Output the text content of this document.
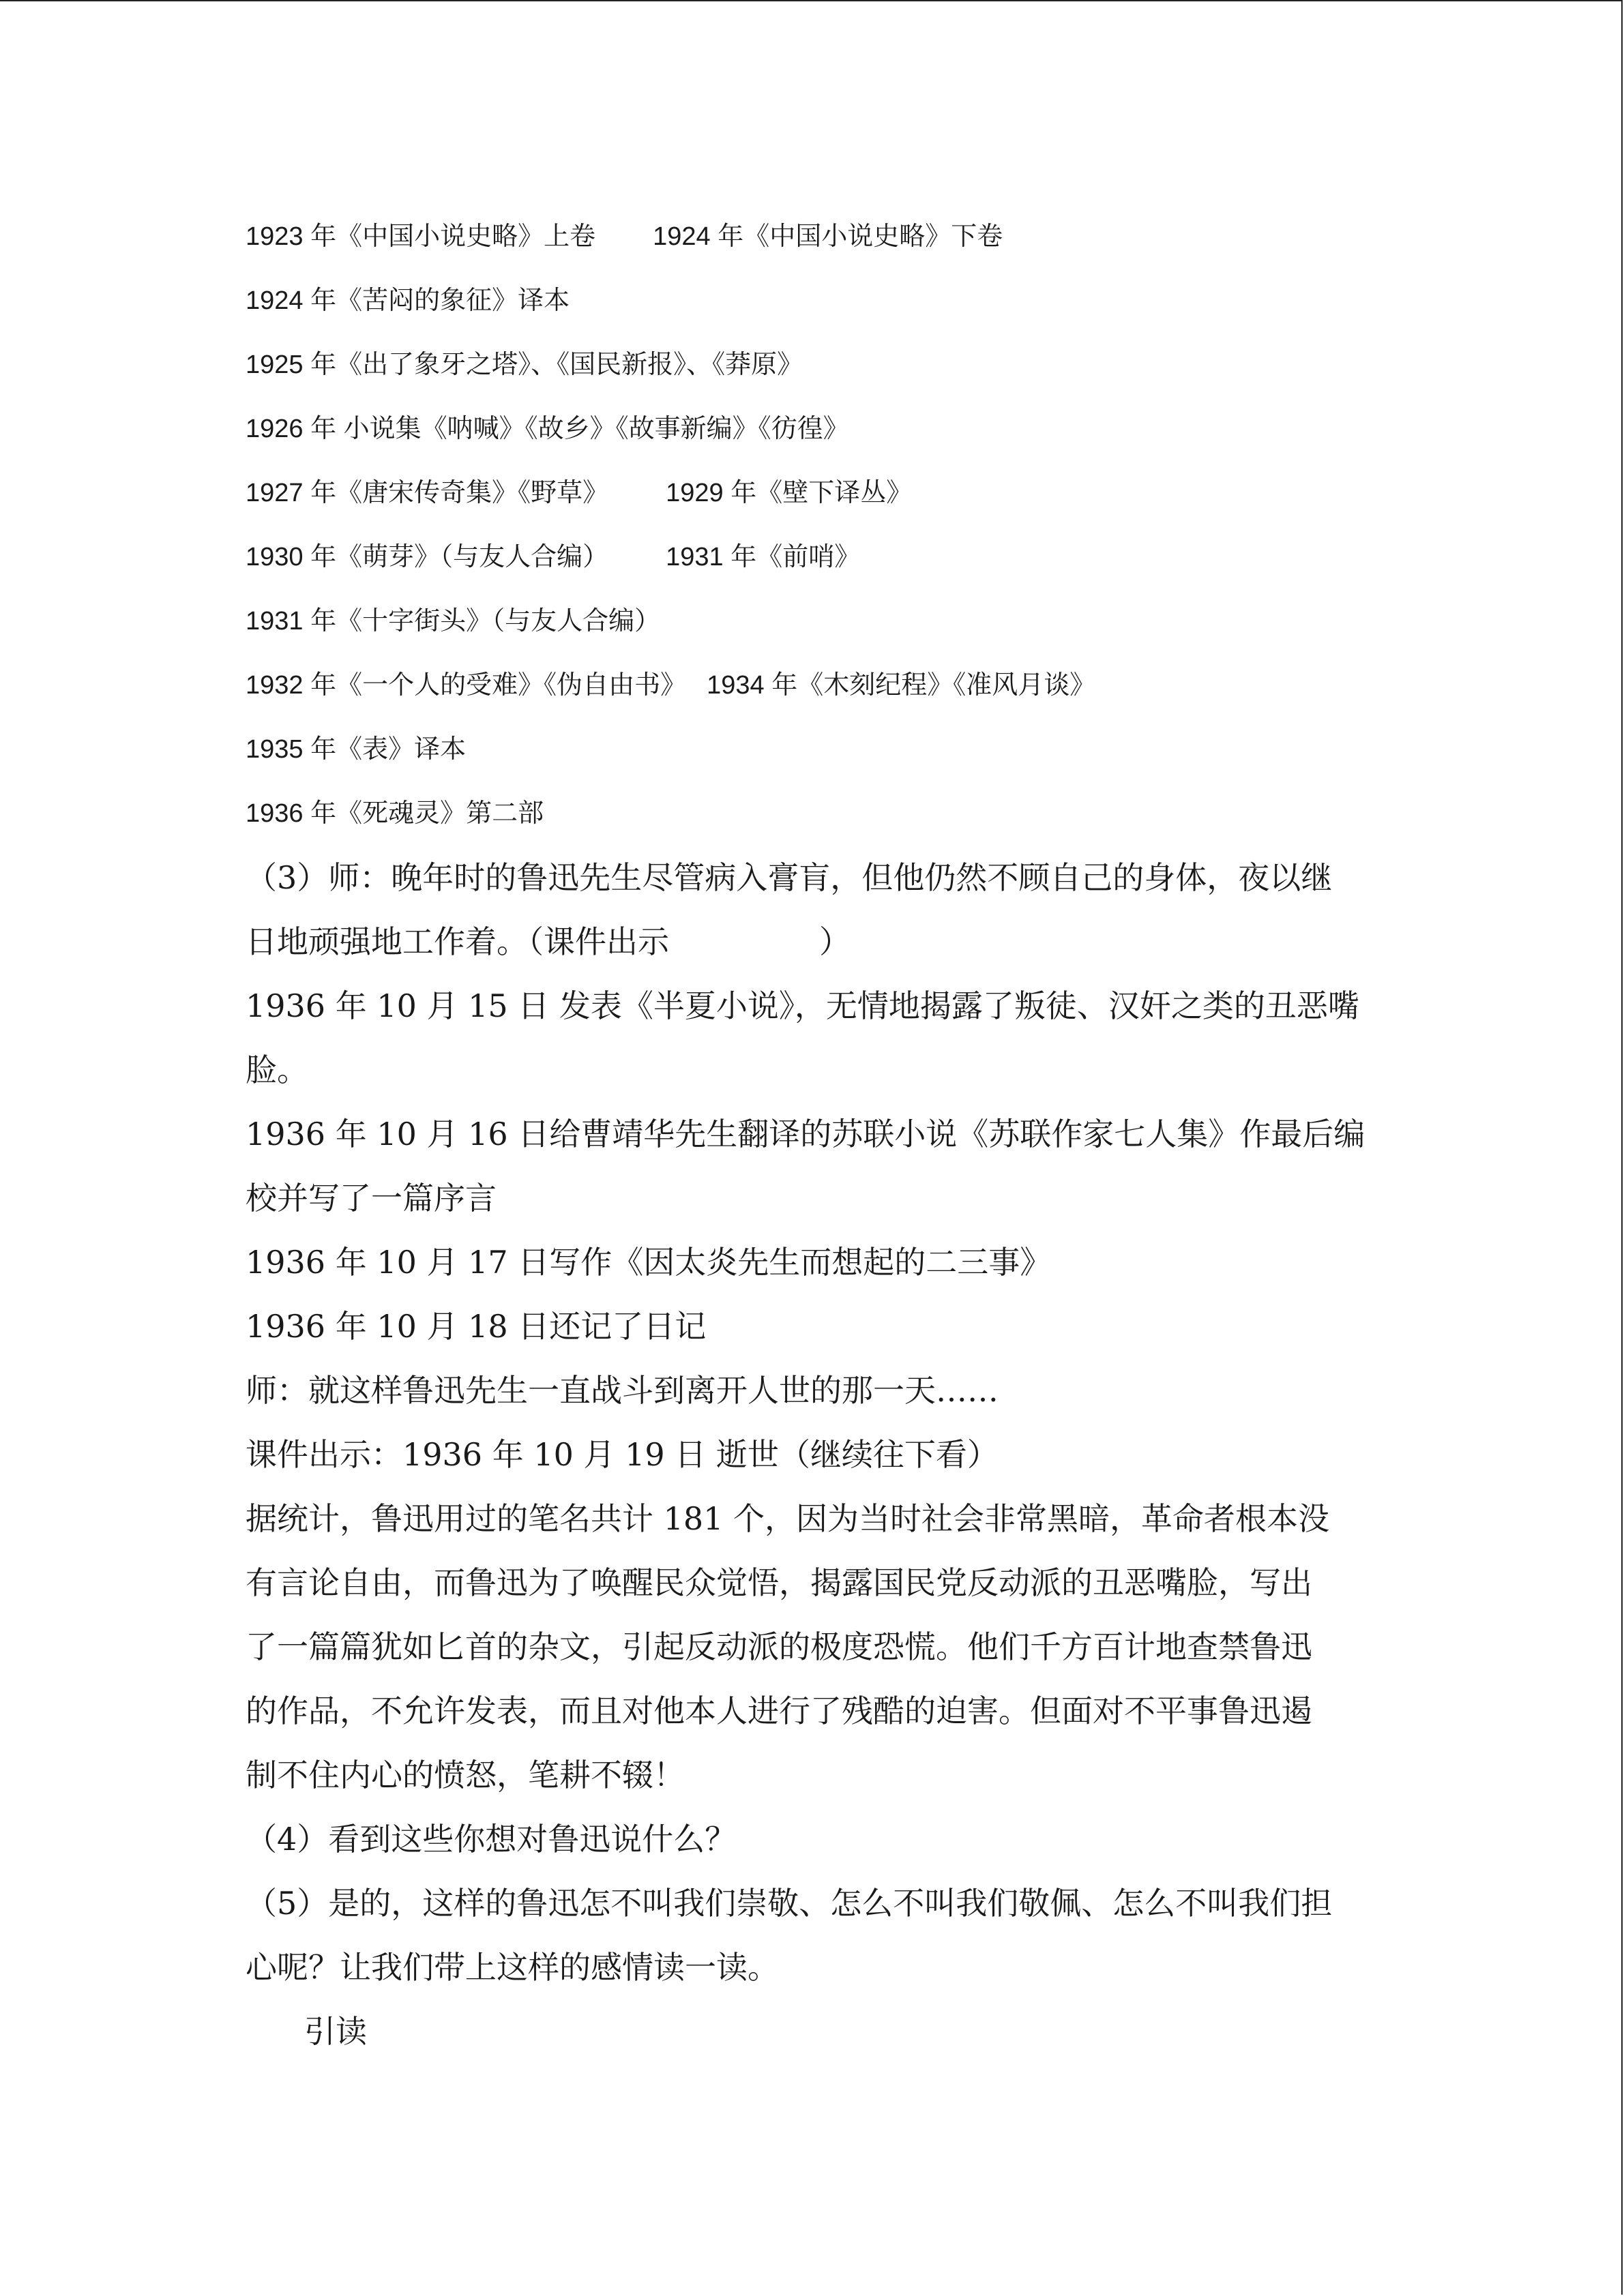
1923 年《中国小说史略》上卷 1924 年《中国小说史略》下卷
1924 年《苦闷的象征》译本
1925 年《出了象牙之塔》、《国民新报》、《莽原》
1926 年 小说集《呐喊》《故乡》《故事新编》《彷徨》
1927 年《唐宋传奇集》《野草》 1929 年《壁下译丛》
1930 年《萌芽》（与友人合编） 1931 年《前哨》
1931 年《十字街头》（与友人合编）
1932 年《一个人的受难》《伪自由书》 1934 年《木刻纪程》《准风月谈》
1935 年《表》译本
1936 年《死魂灵》第二部
（3）师：晚年时的鲁迅先生尽管病入膏肓，但他仍然不顾自己的身体，夜以继
日地顽强地工作着。（课件出示	）
1936 年 10 月 15 日 发表《半夏小说》，无情地揭露了叛徒、汉奸之类的丑恶嘴
脸。
1936 年 10 月 16 日给曹靖华先生翻译的苏联小说《苏联作家七人集》作最后编
校并写了一篇序言
1936 年 10 月 17 日写作《因太炎先生而想起的二三事》
1936 年 10 月 18 日还记了日记
师：就这样鲁迅先生一直战斗到离开人世的那一天……
课件出示：1936 年 10 月 19 日 逝世（继续往下看）
据统计，鲁迅用过的笔名共计 181 个，因为当时社会非常黑暗，革命者根本没
有言论自由，而鲁迅为了唤醒民众觉悟，揭露国民党反动派的丑恶嘴脸，写出
了一篇篇犹如匕首的杂文，引起反动派的极度恐慌。他们千方百计地查禁鲁迅
的作品，不允许发表，而且对他本人进行了残酷的迫害。但面对不平事鲁迅遏
制不住内心的愤怒，笔耕不辍！
（4）看到这些你想对鲁迅说什么？
（5）是的，这样的鲁迅怎不叫我们崇敬、怎么不叫我们敬佩、怎么不叫我们担
心呢？让我们带上这样的感情读一读。
引读
